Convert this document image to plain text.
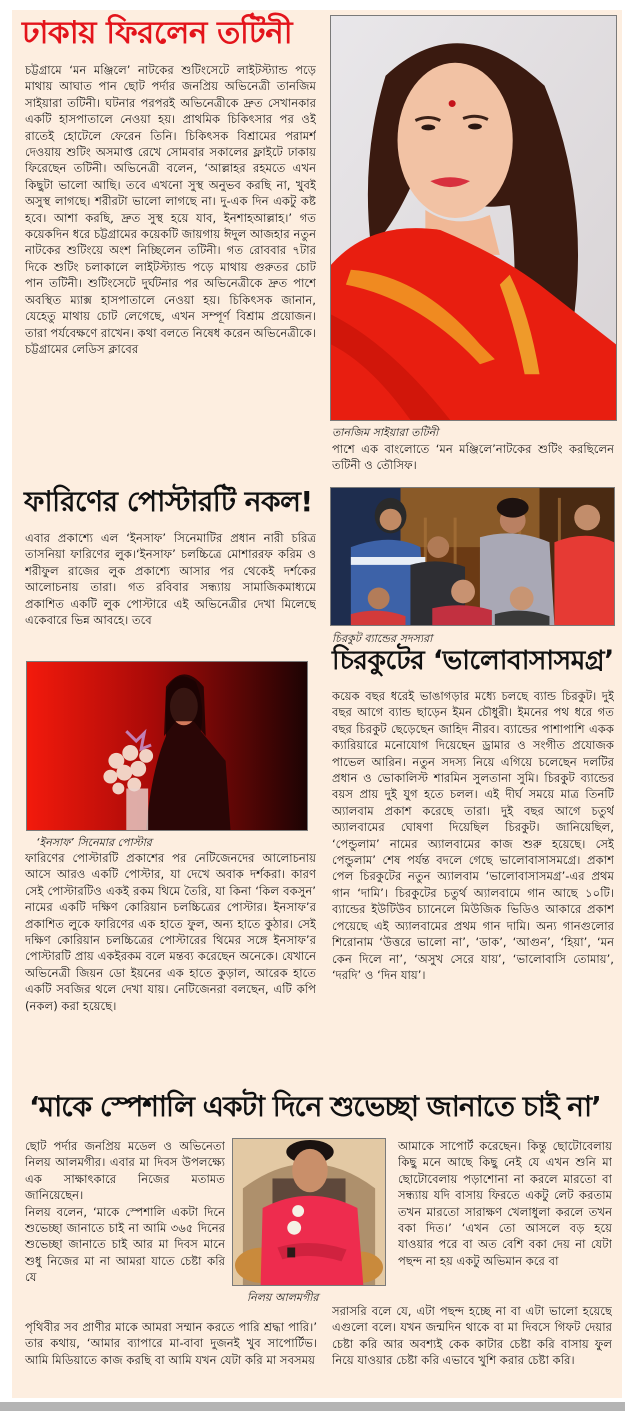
ঢাকায় ফিরলেন তটিনী
চট্টগ্রামে ‘মন মঞ্জিলে’ নাটকের শুটিংসেটে লাইটস্ট্যান্ড পড়ে মাথায় আঘাত পান ছোট পর্দার জনপ্রিয় অভিনেত্রী তানজিম সাইয়ারা তটিনী। ঘটনার পরপরই অভিনেত্রীকে দ্রুত সেখানকার একটি হাসপাতালে নেওয়া হয়। প্রাথমিক চিকিৎসার পর ওই রাতেই হোটেলে ফেরেন তিনি। চিকিৎসক বিশ্রামের পরামর্শ দেওয়ায় শুটিং অসমাপ্ত রেখে সোমবার সকালের ফ্লাইটে ঢাকায় ফিরেছেন তটিনী। অভিনেত্রী বলেন, ‘আল্লাহর রহমতে এখন কিছুটা ভালো আছি। তবে এখনো সুস্থ অনুভব করছি না, খুবই অসুস্থ লাগছে। শরীরটা ভালো লাগছে না। দু-এক দিন একটু কষ্ট হবে। আশা করছি, দ্রুত সুস্থ হয়ে যাব, ইনশাহআল্লাহ।’ গত কয়েকদিন ধরে চট্টগ্রামের কয়েকটি জায়গায় ঈদুল আজহার নতুন নাটকের শুটিংয়ে অংশ নিচ্ছিলেন তটিনী। গত রোববার ৭টার দিকে শুটিং চলাকালে লাইটস্ট্যান্ড পড়ে মাথায় গুরুতর চোট পান তটিনী। শুটিংসেটে দুর্ঘটনার পর অভিনেত্রীকে দ্রুত পাশে অবস্থিত ম্যাক্স হাসপাতালে নেওয়া হয়। চিকিৎসক জানান, যেহেতু মাথায় চোট লেগেছে, এখন সম্পূর্ণ বিশ্রাম প্রয়োজন। তারা পর্যবেক্ষণে রাখেন। কথা বলতে নিষেধ করেন অভিনেত্রীকে। চট্টগ্রামের লেডিস ক্লাবের
তানজিম সাইয়ারা তটিনী
পাশে এক বাংলোতে ‘মন মঞ্জিলে’নাটকের শুটিং করছিলেন তটিনী ও তৌসিফ।
ফারিণের পোস্টারটি নকল!
এবার প্রকাশ্যে এল ‘ইনসাফ’ সিনেমাটির প্রধান নারী চরিত্র তাসনিয়া ফারিণের লুক।‘ইনসাফ’ চলচ্চিত্রে মোশাররফ করিম ও শরীফুল রাজের লুক প্রকাশ্যে আসার পর থেকেই দর্শকের আলোচনায় তারা। গত রবিবার সন্ধ্যায় সামাজিকমাধ্যমে প্রকাশিত একটি লুক পোস্টারে এই অভিনেত্রীর দেখা মিলেছে একেবারে ভিন্ন আবহে। তবে
‘ইনসাফ’ সিনেমার পোস্টার
ফারিণের পোস্টারটি প্রকাশের পর নেটিজেনদের আলোচনায় আসে আরও একটি পোস্টার, যা দেখে অবাক দর্শকরা। কারণ সেই পোস্টারটিও একই রকম থিমে তৈরি, যা কিনা ‘কিল বকসুন’ নামের একটি দক্ষিণ কোরিয়ান চলচ্চিত্রের পোস্টার। ইনসাফ’র প্রকাশিত লুকে ফারিণের এক হাতে ফুল, অন্য হাতে কুঠার। সেই দক্ষিণ কোরিয়ান চলচ্চিত্রের পোস্টারের থিমের সঙ্গে ইনসাফ’র পোস্টারটি প্রায় একইরকম বলে মন্তব্য করেছেন অনেকে। যেখানে অভিনেত্রী জিয়ন ডো ইয়নের এক হাতে কুড়াল, আরেক হাতে একটি সবজির থলে দেখা যায়। নেটিজেনরা বলছেন, এটি কপি (নকল) করা হয়েছে।
চিরকুট ব্যান্ডের সদস্যরা
চিরকুটের ‘ভালোবাসাসমগ্র’
কয়েক বছর ধরেই ভাঙাগড়ার মধ্যে চলছে ব্যান্ড চিরকুট। দুই বছর আগে ব্যান্ড ছাড়েন ইমন চৌধুরী। ইমনের পথ ধরে গত বছর চিরকুট ছেড়েছেন জাহিদ নীরব। ব্যান্ডের পাশাপাশি একক ক্যারিয়ারে মনোযোগ দিয়েছেন ড্রামার ও সংগীত প্রযোজক পাভেল আরিন। নতুন সদস্য নিয়ে এগিয়ে চলেছেন দলটির প্রধান ও ভোকালিস্ট শারমিন সুলতানা সুমি। চিরকুট ব্যান্ডের বয়স প্রায় দুই যুগ হতে চলল। এই দীর্ঘ সময়ে মাত্র তিনটি অ্যালবাম প্রকাশ করেছে তারা। দুই বছর আগে চতুর্থ অ্যালবামের ঘোষণা দিয়েছিল চিরকুট। জানিয়েছিল, ‘পেন্ডুলাম’ নামের অ্যালবামের কাজ শুরু হয়েছে। সেই পেন্ডুলাম’ শেষ পর্যন্ত বদলে গেছে ভালোবাসাসমগ্রে। প্রকাশ পেল চিরকুটের নতুন অ্যালবাম ‘ভালোবাসাসমগ্র’-এর প্রথম গান ‘দামি’। চিরকুটের চতুর্থ অ্যালবামে গান আছে ১০টি। ব্যান্ডের ইউটিউব চ্যানেলে মিউজিক ভিডিও আকারে প্রকাশ পেয়েছে এই অ্যালবামের প্রথম গান দামি। অন্য গানগুলোর শিরোনাম ‘উত্তরে ভালো না’, ‘ডাক’, ‘আগুন’, ‘হিয়া’, ‘মন কেন দিলে না’, ‘অসুখ সেরে যায়’, ‘ভালোবাসি তোমায়’, ‘দরদি’ ও ‘দিন যায়’।
‘মাকে স্পেশালি একটা দিনে শুভেচ্ছা জানাতে চাই না’
ছোট পর্দার জনপ্রিয় মডেল ও অভিনেতা নিলয় আলমগীর। এবার মা দিবস উপলক্ষ্যে এক সাক্ষাৎকারে নিজের মতামত জানিয়েছেন।
নিলয় বলেন, ‘মাকে স্পেশালি একটা দিনে শুভেচ্ছা জানাতে চাই না আমি ৩৬৫ দিনের শুভেচ্ছা জানাতে চাই আর মা দিবস মানে শুধু নিজের মা না আমরা যাতে চেষ্টা করি যে
পৃথিবীর সব প্রাণীর মাকে আমরা সম্মান করতে পারি শ্রদ্ধা পারি।’ তার কথায়, ‘আমার ব্যাপারে মা-বাবা দুজনই খুব সাপোর্টিভ। আমি মিডিয়াতে কাজ করছি বা আমি যখন যেটা করি মা সবসময়
নিলয় আলমগীর
আমাকে সাপোর্ট করেছেন। কিন্তু ছোটোবেলায় কিছু মনে আছে কিছু নেই যে এখন শুনি মা ছোটোবেলায় পড়াশোনা না করলে মারতো বা সন্ধ্যায় যদি বাসায় ফিরতে একটু লেট করতাম তখন মারতো সারাক্ষণ খেলাধুলা করলে তখন বকা দিত।’ ‘এখন তো আসলে বড় হয়ে যাওয়ার পরে বা অত বেশি বকা দেয় না যেটা পছন্দ না হয় একটু অভিমান করে বা
সরাসরি বলে যে, এটা পছন্দ হচ্ছে না বা এটা ভালো হয়েছে এগুলো বলে। যখন জন্মদিন থাকে বা মা দিবসে গিফট দেয়ার চেষ্টা করি আর অবশ্যই কেক কাটার চেষ্টা করি বাসায় ফুল নিয়ে যাওয়ার চেষ্টা করি এভাবে খুশি করার চেষ্টা করি।
